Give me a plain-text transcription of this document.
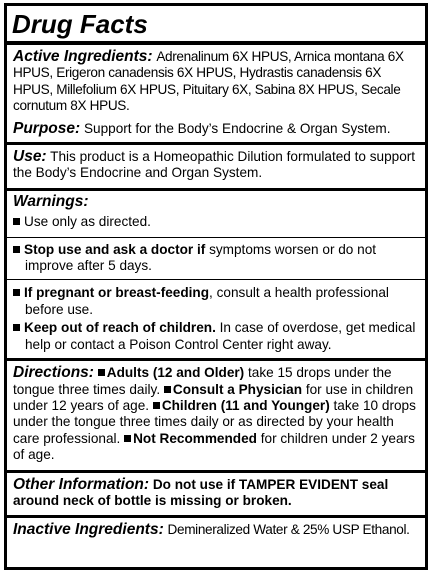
Drug Facts
Active Ingredients: Adrenalinum 6X HPUS, Arnica montana 6X HPUS, Erigeron canadensis 6X HPUS, Hydrastis canadensis 6X HPUS, Millefolium 6X HPUS, Pituitary 6X, Sabina 8X HPUS, Secale cornutum 8X HPUS.
Purpose: Support for the Body’s Endocrine & Organ System.
Use: This product is a Homeopathic Dilution formulated to support the Body’s Endocrine and Organ System.
Warnings:
Use only as directed.
Stop use and ask a doctor if symptoms worsen or do not improve after 5 days.
If pregnant or breast-feeding, consult a health professional before use.
Keep out of reach of children. In case of overdose, get medical help or contact a Poison Control Center right away.
Directions: Adults (12 and Older) take 15 drops under the tongue three times daily. Consult a Physician for use in children under 12 years of age. Children (11 and Younger) take 10 drops under the tongue three times daily or as directed by your health care professional. Not Recommended for children under 2 years of age.
Other Information: Do not use if TAMPER EVIDENT seal around neck of bottle is missing or broken.
Inactive Ingredients: Demineralized Water & 25% USP Ethanol.
